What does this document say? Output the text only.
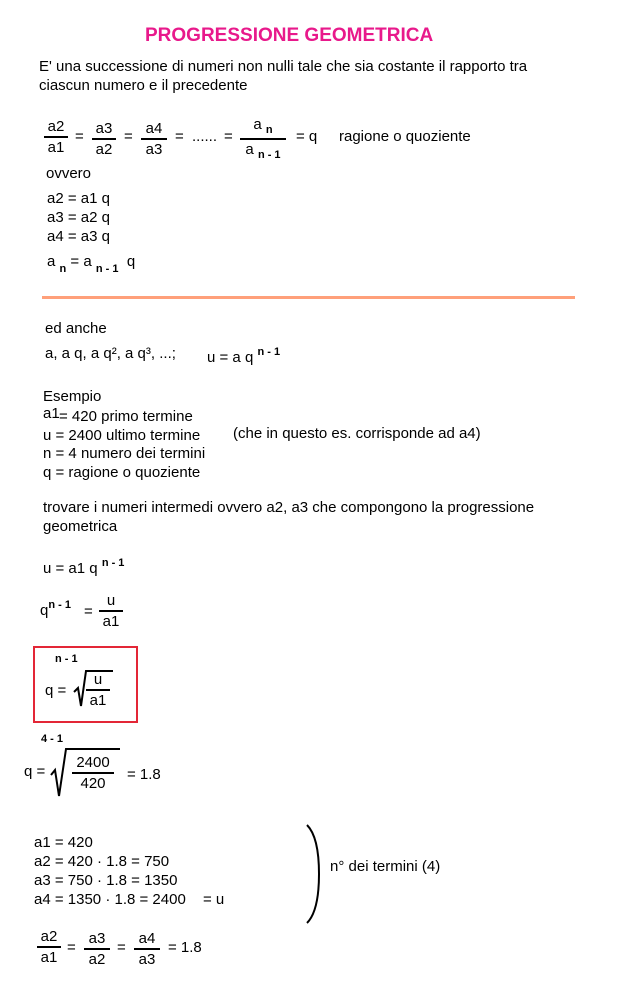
PROGRESSIONE GEOMETRICA
E' una successione di numeri non nulli tale che sia costante il rapporto tra
ciascun numero e il precedente
a2
a1
= a3
a2
= a4
a3
= ...... =
a $_n$
a $_{n - 1}$
= q ragione o quoziente
ovvero
a2 = a1 q
a3 = a2 q
a4 = a3 q
a $_n$ = a $_{n - 1}$ q
ed anche
a, a q, a q², a q³, ...; u = a q $^{n - 1}$
Esempio
a1 = 420 primo termine
u = 2400 ultimo termine (che in questo es. corrisponde ad a4)
n = 4 numero dei termini
q = ragione o quoziente
trovare i numeri intermedi ovvero a2, a3 che compongono la progressione
geometrica
u = a1 q $^{n - 1}$
$q^{n - 1}$ =
u
a1
n - 1
q =
u
a1
4 - 1
q =
2400
420
= 1.8
a1 = 420
a2 = 420 · 1.8 = 750
a3 = 750 · 1.8 = 1350
a4 = 1350 · 1.8 = 2400 = u
n° dei termini (4)
a2
a1
=
a3
a2
=
a4
a3
= 1.8
